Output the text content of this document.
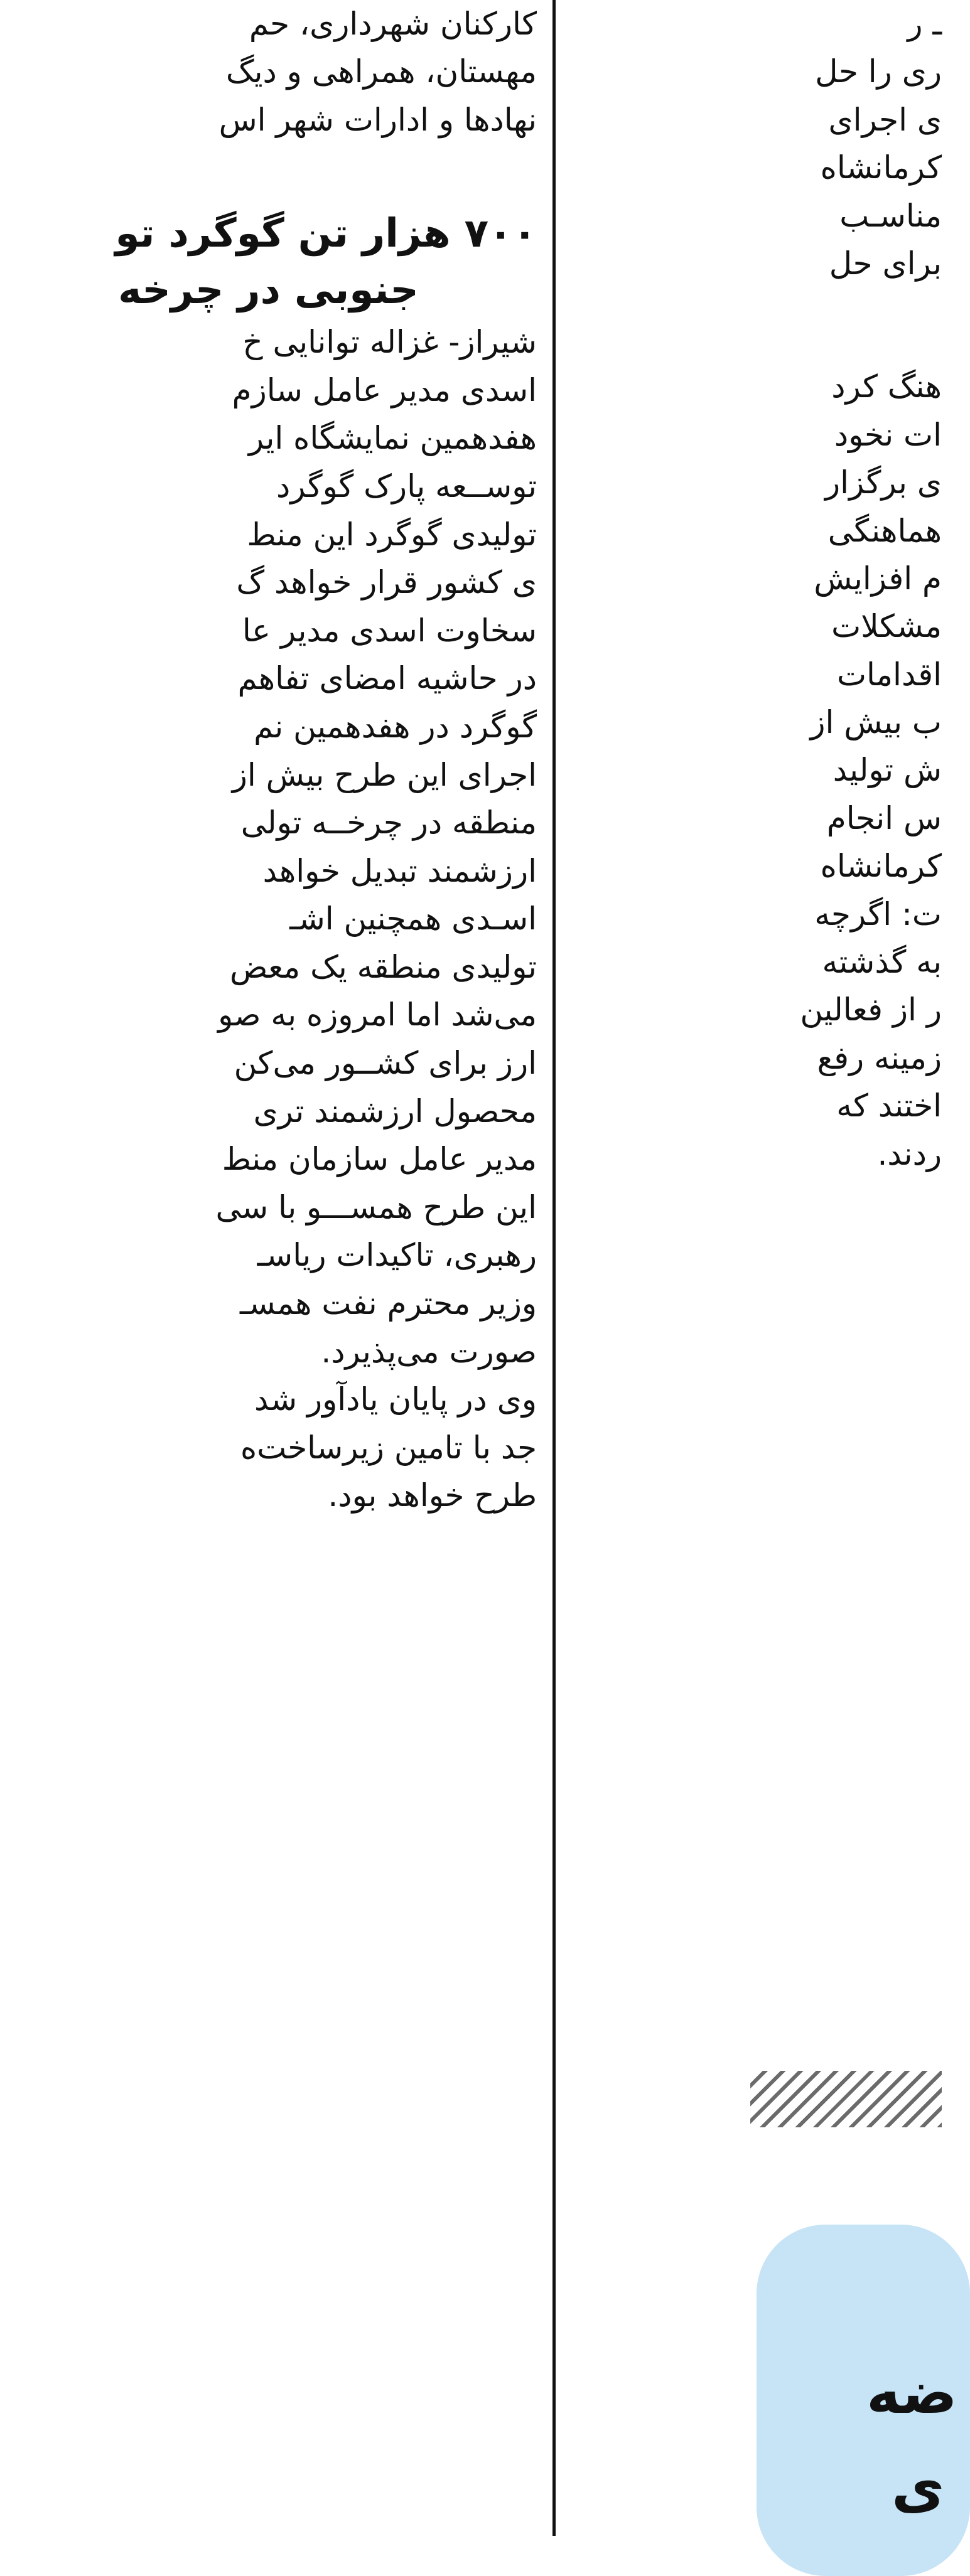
کارکنان شهرداری، حم
مهستان، همراهی و دیگ
نهادها و ادارات شهر اس
۷۰۰ هزار تن گوگرد تو
جنوبی در چرخه
شیراز- غزاله توانایی خ
اسدی مدیر عامل سازم
هفدهمین نمایشگاه ایر
توســعه پارک گوگرد
تولیدی گوگرد این منط
ی کشور قرار خواهد گ
سخاوت اسدی مدیر عا
در حاشیه امضای تفاهم
گوگرد در هفدهمین نم
اجرای این طرح بیش از
منطقه در چرخــه تولی
ارزشمند تبدیل خواهد
اسـدی همچنین اشـ
تولیدی منطقه یک معض
می‌شد اما امروزه به صو
ارز برای کشــور می‌کن
محصول ارزشمند تری
مدیر عامل سازمان منط
این طرح همســـو با سی
رهبری، تاکیدات ریاسـ
وزیر محترم نفت همسـ
صورت می‌پذیرد.
وی در پایان یادآور شد
جد با تامین زیرساخت‌ه
طرح خواهد بود.
ـ ر
ری را حل
ی اجرای
کرمانشاه
مناسـب
برای حل
هنگ کرد
ات نخود
ی برگزار
هماهنگی
م افزایش
مشکلات
اقدامات
ب بیش از
ش تولید
س انجام
کرمانشاه
ت: اگرچه
به گذشته
ر از فعالین
زمینه رفع
اختند که
ردند.
ضه
ی
